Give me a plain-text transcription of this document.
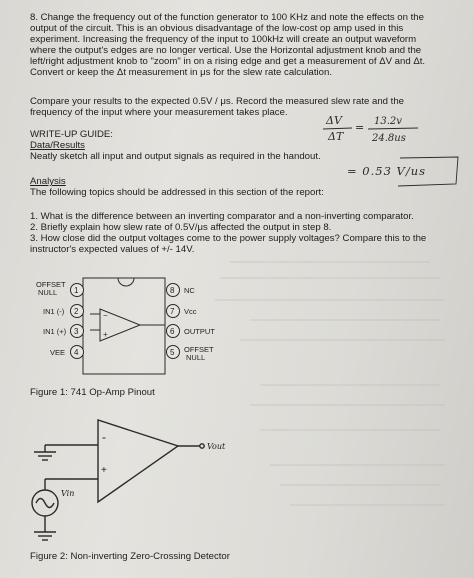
8. Change the frequency out of the function generator to 100 KHz and note the effects on the
output of the circuit. This is an obvious disadvantage of the low-cost op amp used in this
experiment. Increasing the frequency of the input to 100kHz will create an output waveform
where the output's edges are no longer vertical. Use the Horizontal adjustment knob and the
left/right adjustment knob to "zoom" in on a rising edge and get a measurement of ΔV and Δt.
Convert or keep the Δt measurement in μs for the slew rate calculation.
Compare your results to the expected 0.5V / μs. Record the measured slew rate and the
frequency of the input where your measurement takes place.
ΔV
ΔT
= 13.2v
24.8us
= 0.53 V/us
WRITE-UP GUIDE:
Data/Results
Neatly sketch all input and output signals as required in the handout.
Analysis
The following topics should be addressed in this section of the report:
1. What is the difference between an inverting comparator and a non-inverting comparator.
2. Briefly explain how slew rate of 0.5V/μs affected the output in step 8.
3. How close did the output voltages come to the power supply voltages? Compare this to the
instructor's expected values of +/- 14V.
−
+
1
2
3
4
8
7
6
5
OFFSET
NULL
IN1 (-)
IN1 (+)
VEE
NC
Vcc
OUTPUT
OFFSET
NULL
Figure 1: 741 Op-Amp Pinout
-
+
Vout
Vin
Figure 2: Non-inverting Zero-Crossing Detector
